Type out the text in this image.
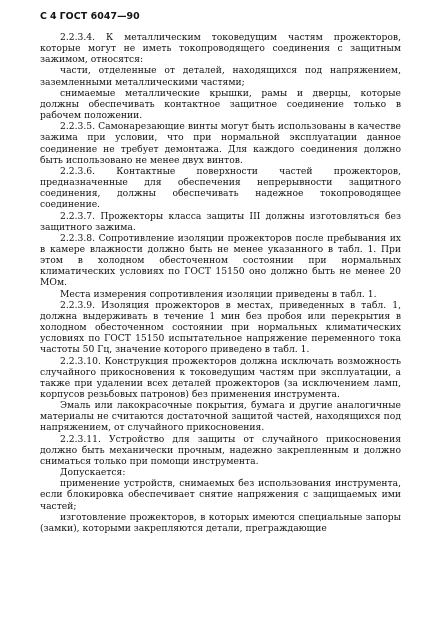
С 4 ГОСТ 6047—90

2.2.3.4. К металлическим токоведущим частям прожекторов, которые могут не иметь токопроводящего соединения с защитным зажимом, относятся:

части, отделенные от деталей, находящихся под напряжением, заземленными металлическими частями;

снимаемые металлические крышки, рамы и дверцы, которые должны обеспечивать контактное защитное соединение только в рабочем положении.

2.2.3.5. Самонарезающие винты могут быть использованы в качестве зажима при условии, что при нормальной эксплуатации данное соединение не требует демонтажа. Для каждого соединения должно быть использовано не менее двух винтов.

2.2.3.6. Контактные поверхности частей прожекторов, предназначенные для обеспечения непрерывности защитного соединения, должны обеспечивать надежное токопроводящее соединение.

2.2.3.7. Прожекторы класса защиты III должны изготовляться без защитного зажима.

2.2.3.8. Сопротивление изоляции прожекторов после пребывания их в камере влажности должно быть не менее указанного в табл. 1. При этом в холодном обесточенном состоянии при нормальных климатических условиях по ГОСТ 15150 оно должно быть не менее 20 МОм.

Места измерения сопротивления изоляции приведены в табл. 1.

2.2.3.9. Изоляция прожекторов в местах, приведенных в табл. 1, должна выдерживать в течение 1 мин без пробоя или перекрытия в холодном обесточенном состоянии при нормальных климатических условиях по ГОСТ 15150 испытательное напряжение переменного тока частоты 50 Гц, значение которого приведено в табл. 1.

2.2.3.10. Конструкция прожекторов должна исключать возможность случайного прикосновения к токоведущим частям при эксплуатации, а также при удалении всех деталей прожекторов (за исключением ламп, корпусов резьбовых патронов) без применения инструмента.

Эмаль или лакокрасочные покрытия, бумага и другие аналогичные материалы не считаются достаточной защитой частей, находящихся под напряжением, от случайного прикосновения.

2.2.3.11. Устройство для защиты от случайного прикосновения должно быть механически прочным, надежно закрепленным и должно сниматься только при помощи инструмента.

Допускается:

применение устройств, снимаемых без использования инструмента, если блокировка обеспечивает снятие напряжения с защищаемых ими частей;

изготовление прожекторов, в которых имеются специальные запоры (замки), которыми закрепляются детали, преграждающие
